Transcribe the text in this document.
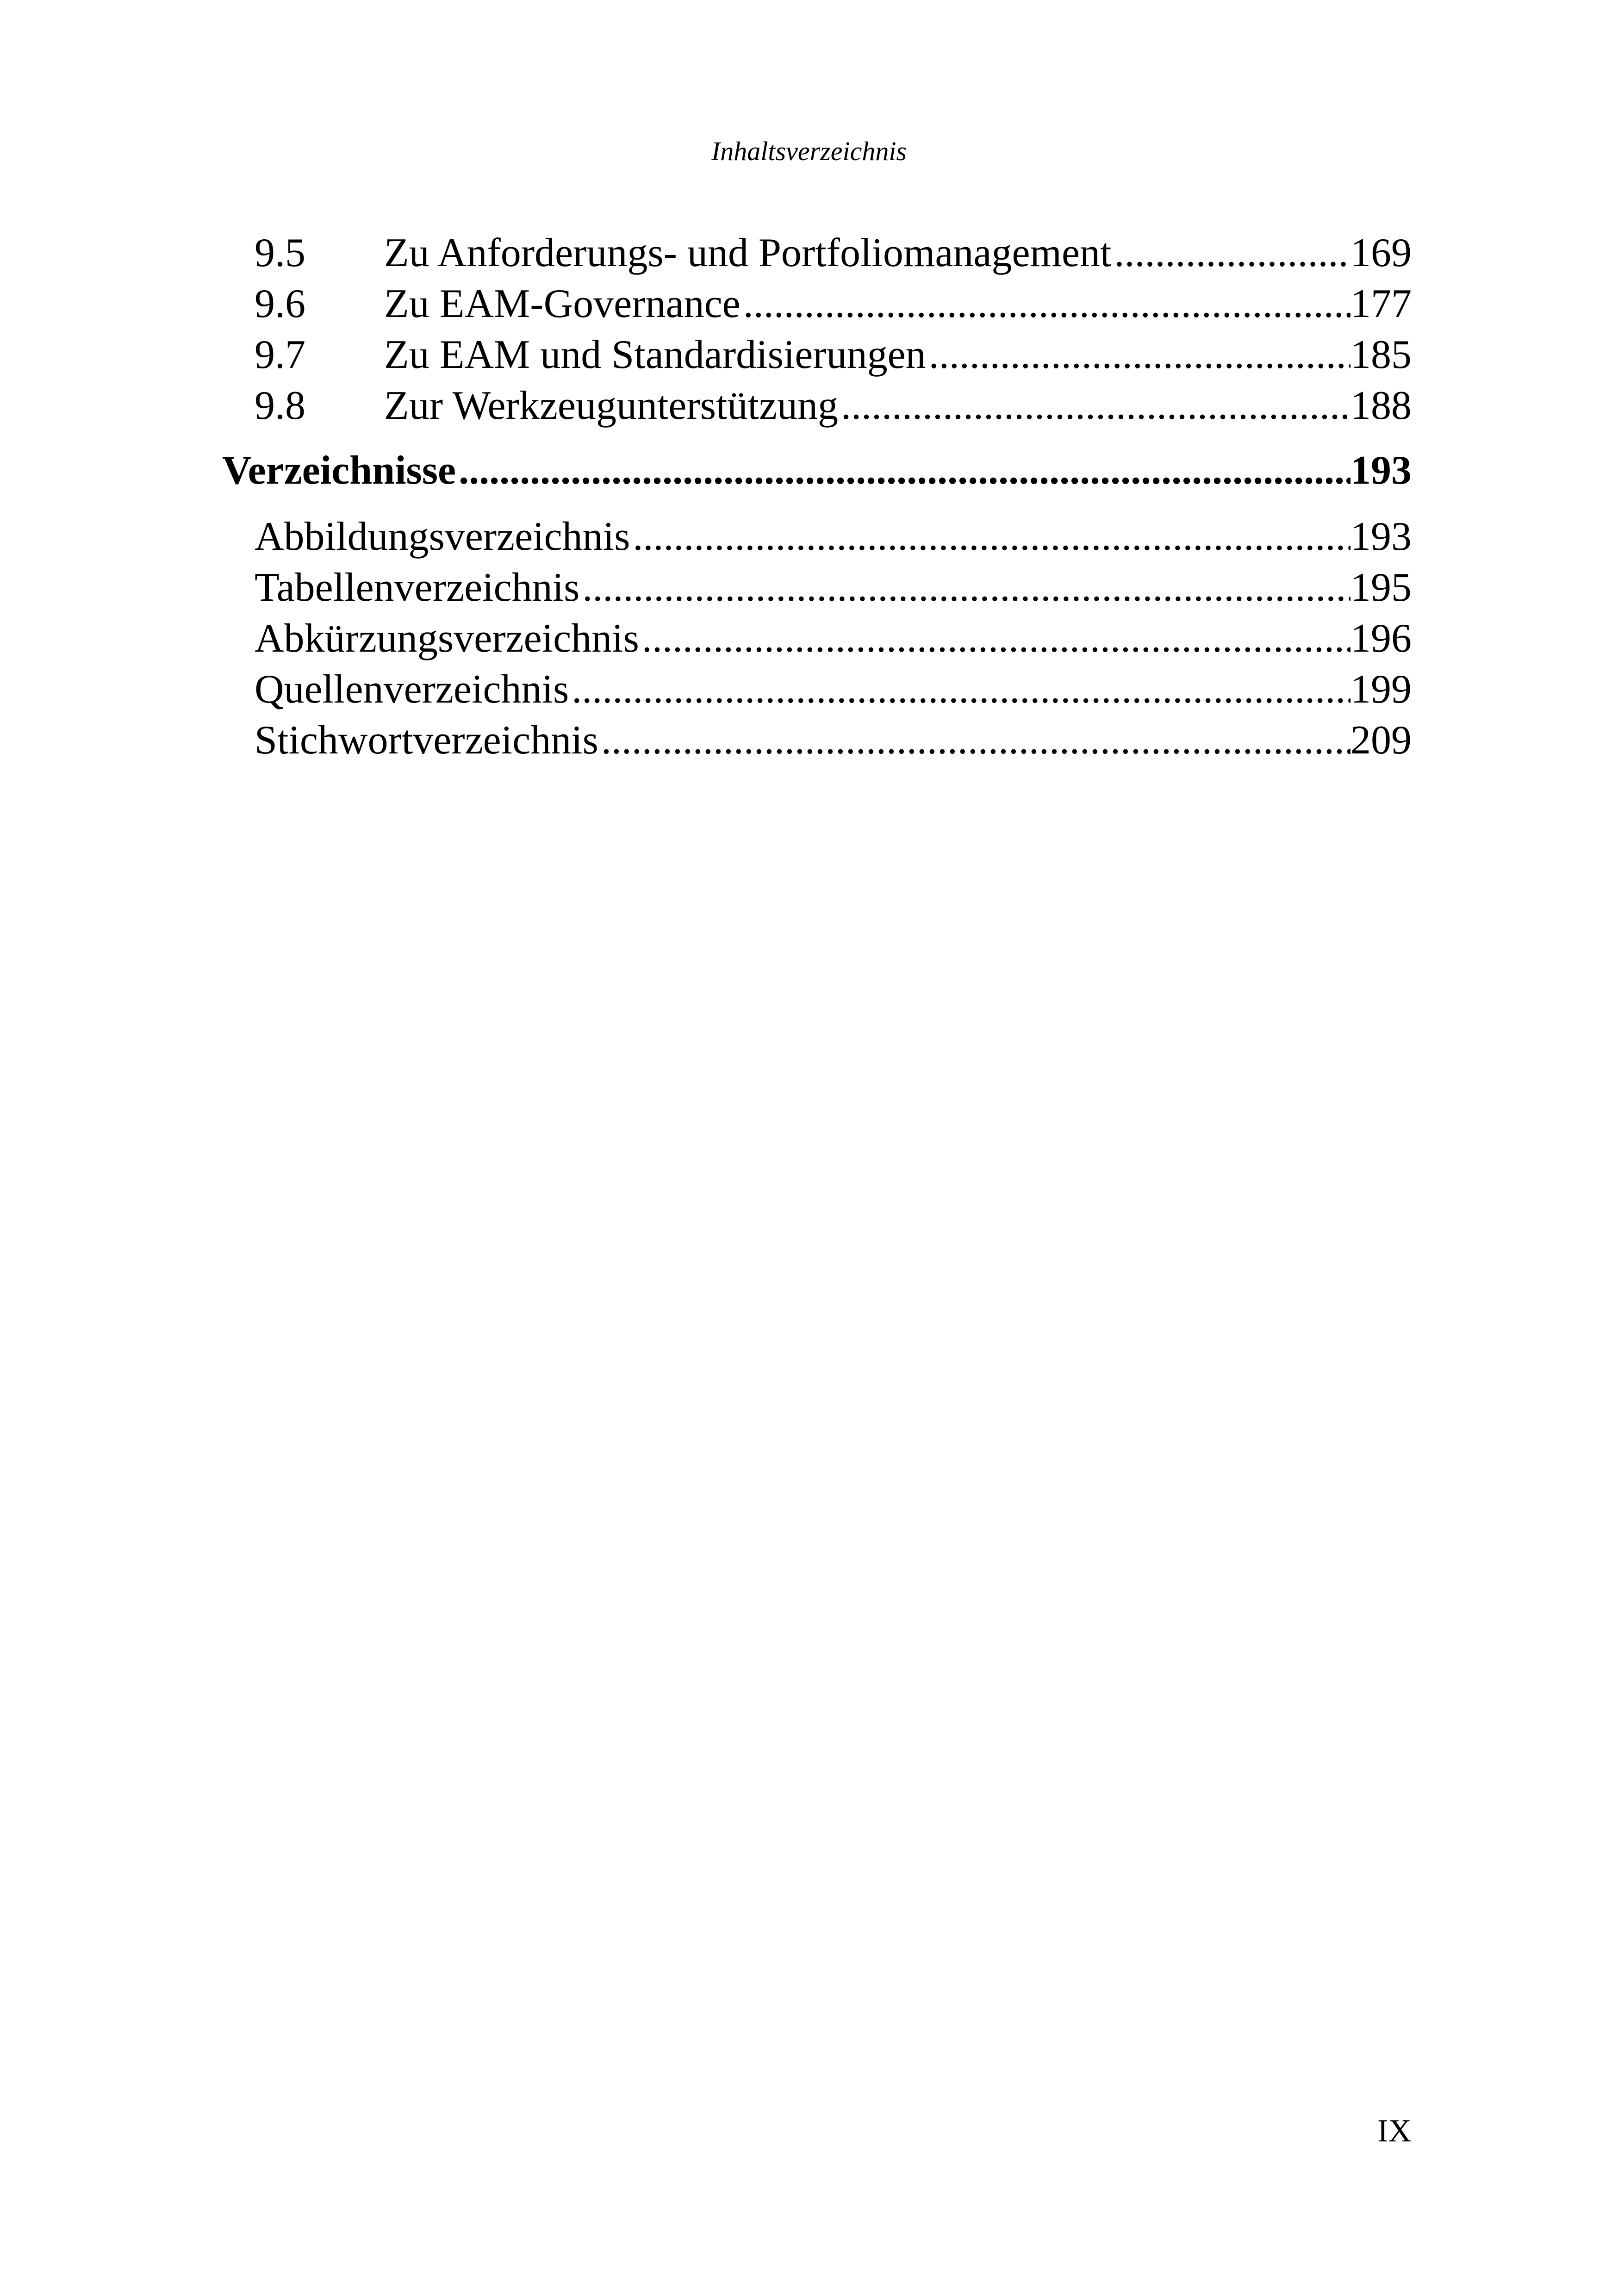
Inhaltsverzeichnis
9.5	Zu Anforderungs- und Portfoliomanagement .....	169
9.6	Zu EAM-Governance .....	177
9.7	Zu EAM und Standardisierungen .....	185
9.8	Zur Werkzeugunterstützung .....	188
Verzeichnisse .....	193
Abbildungsverzeichnis .....	193
Tabellenverzeichnis .....	195
Abkürzungsverzeichnis .....	196
Quellenverzeichnis .....	199
Stichwortverzeichnis .....	209
IX
